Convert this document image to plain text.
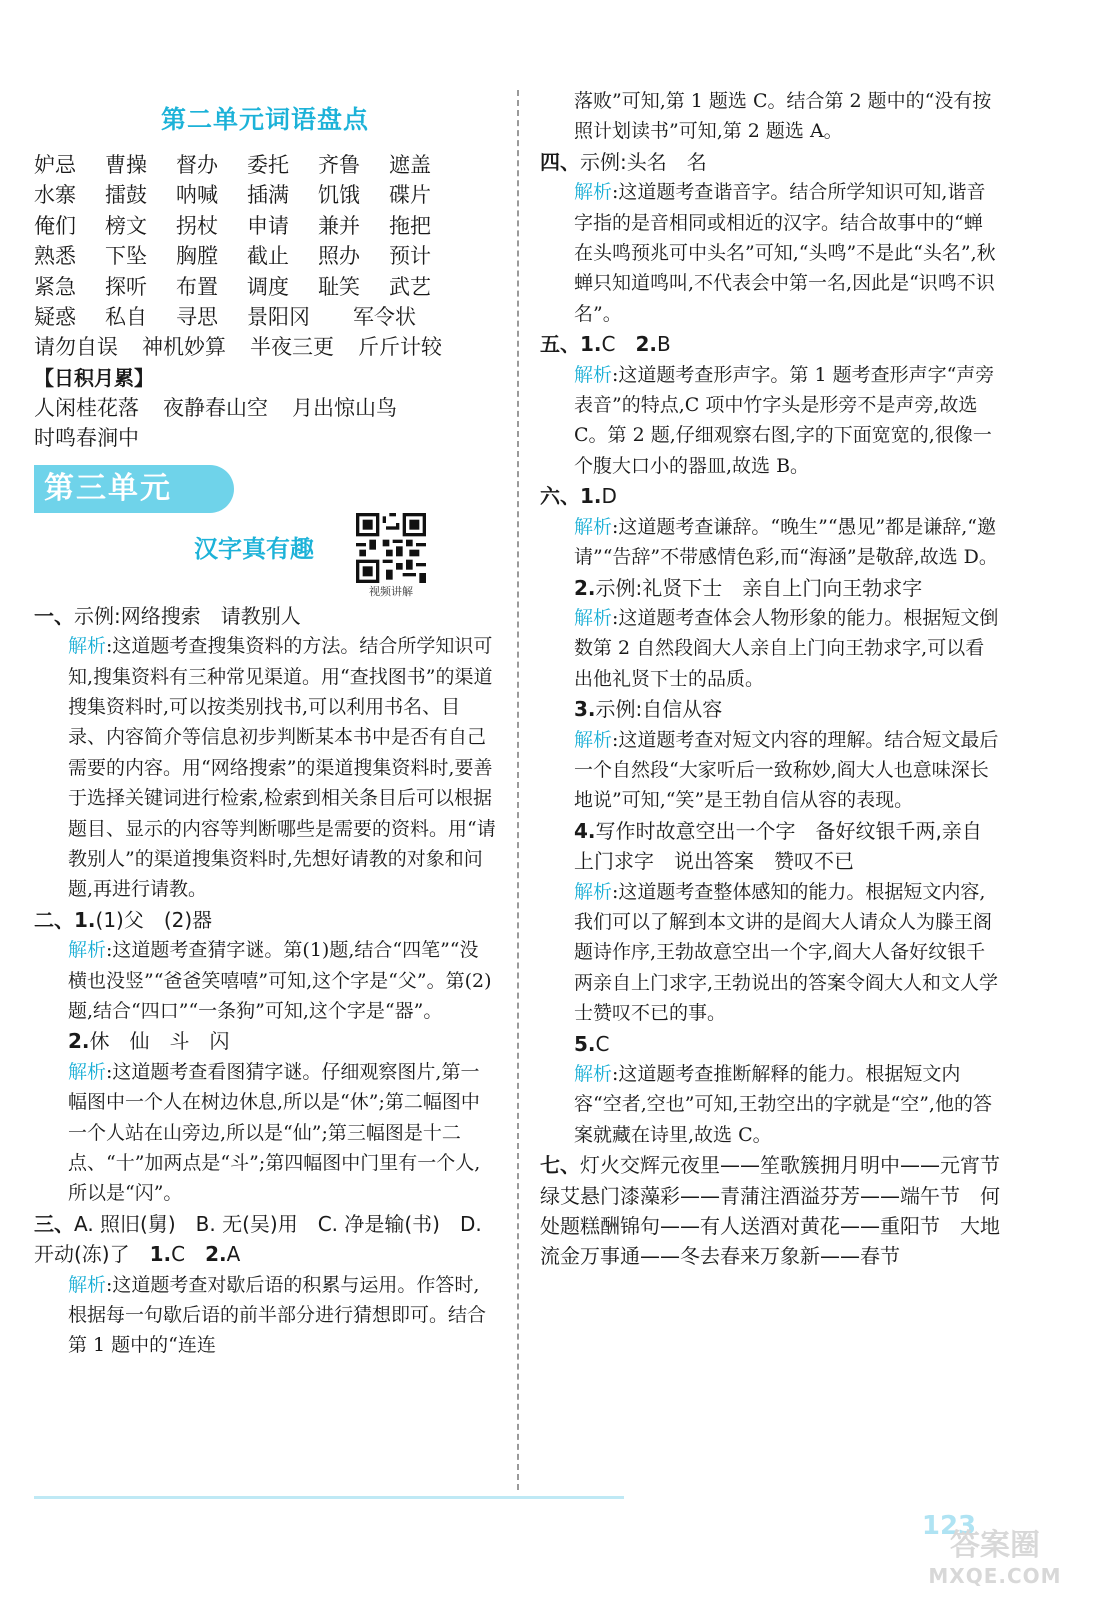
第二单元词语盘点
妒忌 曹操 督办 委托 齐鲁 遮盖
水寨 擂鼓 呐喊 插满 饥饿 碟片
俺们 榜文 拐杖 申请 兼并 拖把
熟悉 下坠 胸膛 截止 照办 预计
紧急 探听 布置 调度 耻笑 武艺
疑惑 私自 寻思 景阳冈 军令状
请勿自误 神机妙算 半夜三更 斤斤计较
【日积月累】
人闲桂花落 夜静春山空 月出惊山鸟
时鸣春涧中
第三单元
汉字真有趣
视频讲解

一、示例:网络搜索　请教别人

解析:这道题考查搜集资料的方法。结合所学知识可知,搜集资料有三种常见渠道。用“查找图书”的渠道搜集资料时,可以按类别找书,可以利用书名、目录、内容简介等信息初步判断某本书中是否有自己需要的内容。用“网络搜索”的渠道搜集资料时,要善于选择关键词进行检索,检索到相关条目后可以根据题目、显示的内容等判断哪些是需要的资料。用“请教别人”的渠道搜集资料时,先想好请教的对象和问题,再进行请教。

二、1.(1)父　(2)器

解析:这道题考查猜字谜。第(1)题,结合“四笔”“没横也没竖”“爸爸笑嘻嘻”可知,这个字是“父”。第(2)题,结合“四口”“一条狗”可知,这个字是“器”。

2.休　仙　斗　闪

解析:这道题考查看图猜字谜。仔细观察图片,第一幅图中一个人在树边休息,所以是“休”;第二幅图中一个人站在山旁边,所以是“仙”;第三幅图是十二点、“十”加两点是“斗”;第四幅图中门里有一个人,所以是“闪”。

三、A. 照旧(舅)　B. 无(吴)用　C. 净是输(书)　D. 开动(冻)了　 1.C　 2.A

解析:这道题考查对歇后语的积累与运用。作答时,根据每一句歇后语的前半部分进行猜想即可。结合第 1 题中的“连连

落败”可知,第 1 题选 C。结合第 2 题中的“没有按照计划读书”可知,第 2 题选 A。

四、示例:头名　名

解析:这道题考查谐音字。结合所学知识可知,谐音字指的是音相同或相近的汉字。结合故事中的“蝉在头鸣预兆可中头名”可知,“头鸣”不是此“头名”,秋蝉只知道鸣叫,不代表会中第一名,因此是“识鸣不识名”。

五、1.C　 2.B

解析:这道题考查形声字。第 1 题考查形声字“声旁表音”的特点,C 项中竹字头是形旁不是声旁,故选 C。第 2 题,仔细观察右图,字的下面宽宽的,很像一个腹大口小的器皿,故选 B。

六、1.D

解析:这道题考查谦辞。“晚生”“愚见”都是谦辞,“邀请”“告辞”不带感情色彩,而“海涵”是敬辞,故选 D。

2.示例:礼贤下士　亲自上门向王勃求字

解析:这道题考查体会人物形象的能力。根据短文倒数第 2 自然段阎大人亲自上门向王勃求字,可以看出他礼贤下士的品质。

3.示例:自信从容

解析:这道题考查对短文内容的理解。结合短文最后一个自然段“大家听后一致称妙,阎大人也意味深长地说”可知,“笑”是王勃自信从容的表现。

4.写作时故意空出一个字　备好纹银千两,亲自上门求字　说出答案　赞叹不已

解析:这道题考查整体感知的能力。根据短文内容,我们可以了解到本文讲的是阎大人请众人为滕王阁题诗作序,王勃故意空出一个字,阎大人备好纹银千两亲自上门求字,王勃说出的答案令阎大人和文人学士赞叹不已的事。

5.C

解析:这道题考查推断解释的能力。根据短文内容“空者,空也”可知,王勃空出的字就是“空”,他的答案就藏在诗里,故选 C。

七、灯火交辉元夜里——笙歌簇拥月明中——元宵节　绿艾悬门漆藻彩——青蒲注酒溢芬芳——端午节　何处题糕酬锦句——有人送酒对黄花——重阳节　大地流金万事通——冬去春来万象新——春节

123
答案圈
MXQE.COM
